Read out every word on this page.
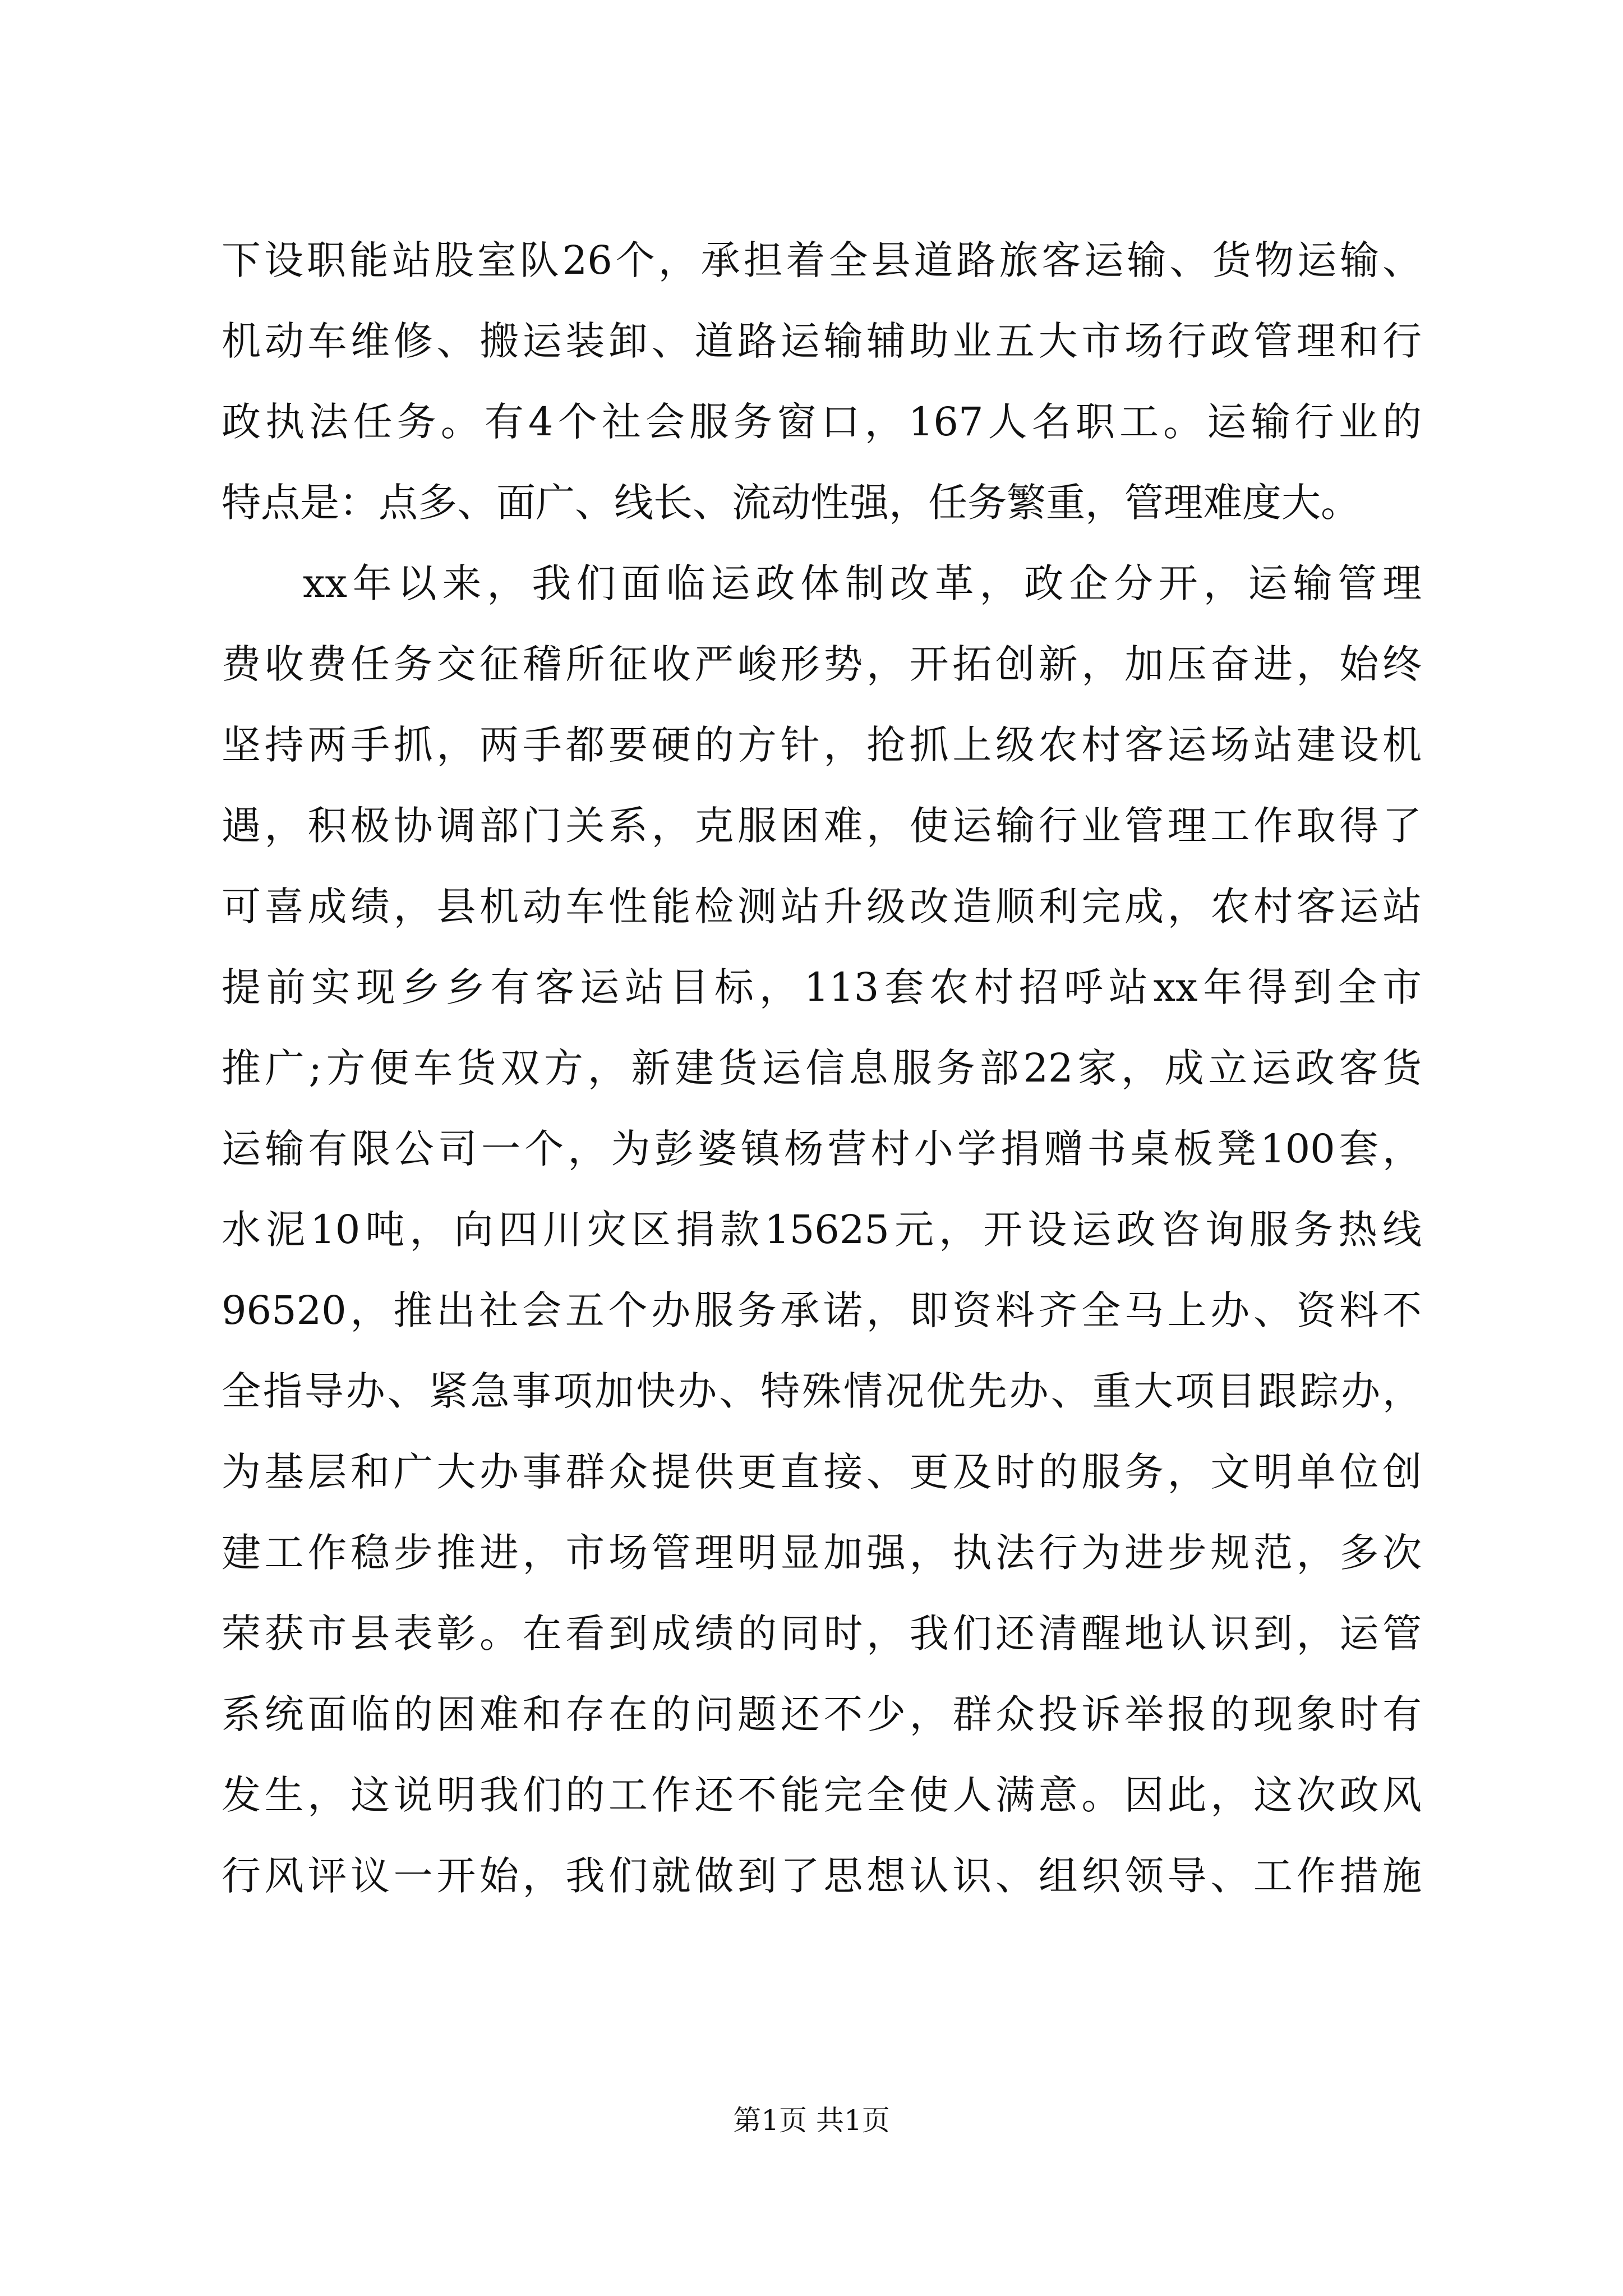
下设职能站股室队26个，承担着全县道路旅客运输、货物运输、
机动车维修、搬运装卸、道路运输辅助业五大市场行政管理和行
政执法任务。有4个社会服务窗口，167人名职工。运输行业的
特点是：点多、面广、线长、流动性强，任务繁重，管理难度大。
xx年以来，我们面临运政体制改革，政企分开，运输管理
费收费任务交征稽所征收严峻形势，开拓创新，加压奋进，始终
坚持两手抓，两手都要硬的方针，抢抓上级农村客运场站建设机
遇，积极协调部门关系，克服困难，使运输行业管理工作取得了
可喜成绩，县机动车性能检测站升级改造顺利完成，农村客运站
提前实现乡乡有客运站目标，113套农村招呼站xx年得到全市
推广;方便车货双方，新建货运信息服务部22家，成立运政客货
运输有限公司一个，为彭婆镇杨营村小学捐赠书桌板凳100套，
水泥10吨，向四川灾区捐款15625元，开设运政咨询服务热线
96520，推出社会五个办服务承诺，即资料齐全马上办、资料不
全指导办、紧急事项加快办、特殊情况优先办、重大项目跟踪办，
为基层和广大办事群众提供更直接、更及时的服务，文明单位创
建工作稳步推进，市场管理明显加强，执法行为进步规范，多次
荣获市县表彰。在看到成绩的同时，我们还清醒地认识到，运管
系统面临的困难和存在的问题还不少，群众投诉举报的现象时有
发生，这说明我们的工作还不能完全使人满意。因此，这次政风
行风评议一开始，我们就做到了思想认识、组织领导、工作措施
第1页 共1页
